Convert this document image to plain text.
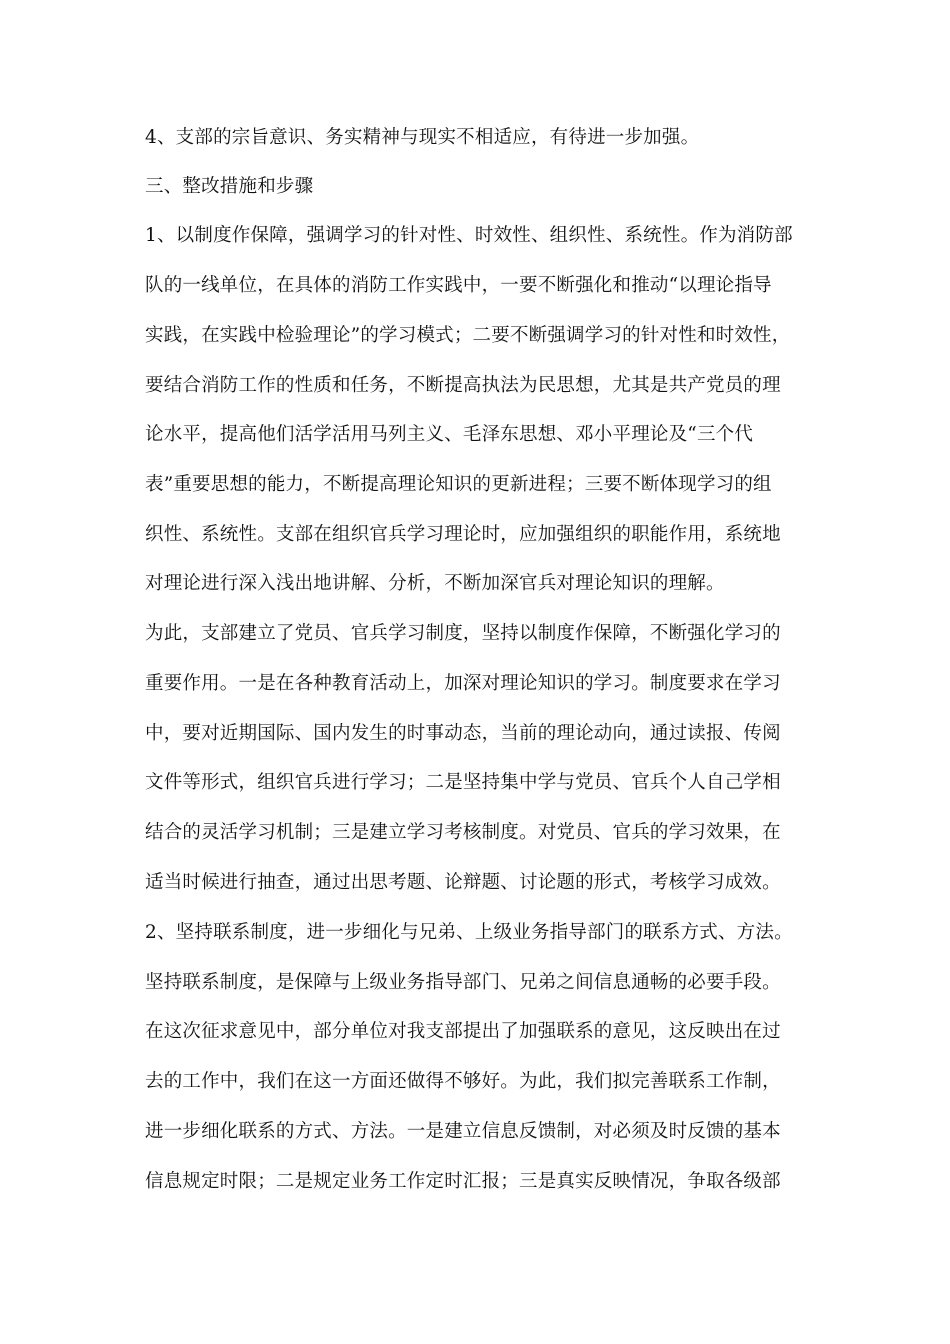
4、支部的宗旨意识、务实精神与现实不相适应，有待进一步加强。
三、整改措施和步骤
1、以制度作保障，强调学习的针对性、时效性、组织性、系统性。作为消防部
队的一线单位，在具体的消防工作实践中，一要不断强化和推动“以理论指导
实践，在实践中检验理论”的学习模式；二要不断强调学习的针对性和时效性，
要结合消防工作的性质和任务，不断提高执法为民思想，尤其是共产党员的理
论水平，提高他们活学活用马列主义、毛泽东思想、邓小平理论及“三个代
表”重要思想的能力，不断提高理论知识的更新进程；三要不断体现学习的组
织性、系统性。支部在组织官兵学习理论时，应加强组织的职能作用，系统地
对理论进行深入浅出地讲解、分析，不断加深官兵对理论知识的理解。
为此，支部建立了党员、官兵学习制度，坚持以制度作保障，不断强化学习的
重要作用。一是在各种教育活动上，加深对理论知识的学习。制度要求在学习
中，要对近期国际、国内发生的时事动态，当前的理论动向，通过读报、传阅
文件等形式，组织官兵进行学习；二是坚持集中学与党员、官兵个人自己学相
结合的灵活学习机制；三是建立学习考核制度。对党员、官兵的学习效果，在
适当时候进行抽查，通过出思考题、论辩题、讨论题的形式，考核学习成效。
2、坚持联系制度，进一步细化与兄弟、上级业务指导部门的联系方式、方法。
坚持联系制度，是保障与上级业务指导部门、兄弟之间信息通畅的必要手段。
在这次征求意见中，部分单位对我支部提出了加强联系的意见，这反映出在过
去的工作中，我们在这一方面还做得不够好。为此，我们拟完善联系工作制，
进一步细化联系的方式、方法。一是建立信息反馈制，对必须及时反馈的基本
信息规定时限；二是规定业务工作定时汇报；三是真实反映情况，争取各级部
